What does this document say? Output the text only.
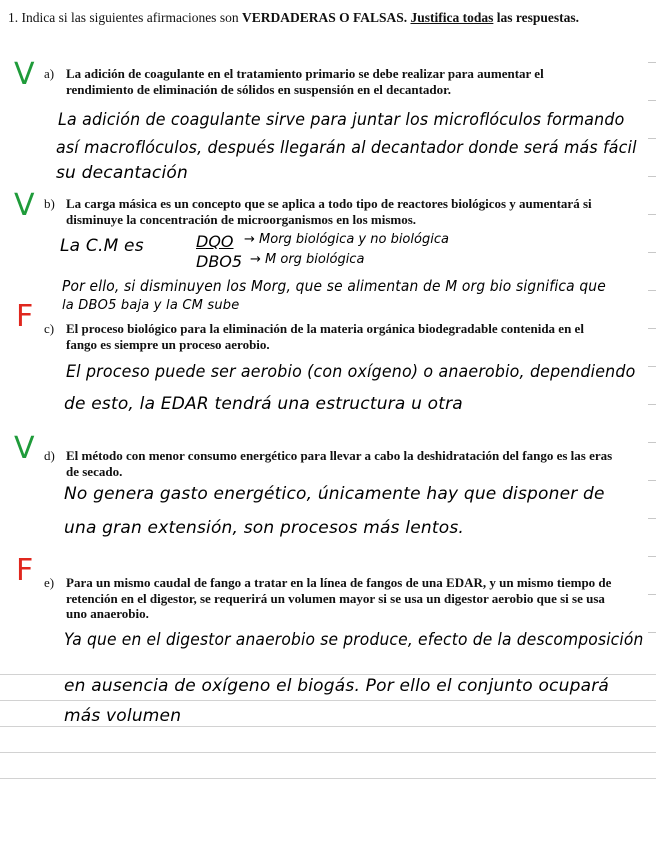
1. Indica si las siguientes afirmaciones son VERDADERAS O FALSAS. Justifica todas las respuestas.
V a) La adición de coagulante en el tratamiento primario se debe realizar para aumentar el rendimiento de eliminación de sólidos en suspensión en el decantador.
La adición de coagulante sirve para juntar los microflóculos formando
así macroflóculos, después llegarán al decantador donde será más fácil
su decantación
V b) La carga másica es un concepto que se aplica a todo tipo de reactores biológicos y aumentará si disminuye la concentración de microorganismos en los mismos.
La C.M es	DQO → Morg biológica y no biológica
DBO5 → M org biológica
Por ello, si disminuyen los Morg, que se alimentan de M org bio significa que
la DBO5 baja y la CM sube
F c) El proceso biológico para la eliminación de la materia orgánica biodegradable contenida en el fango es siempre un proceso aerobio.
El proceso puede ser aerobio (con oxígeno) o anaerobio, dependiendo
de esto, la EDAR tendrá una estructura u otra
V d) El método con menor consumo energético para llevar a cabo la deshidratación del fango es las eras de secado.
No genera gasto energético, únicamente hay que disponer de
una gran extensión, son procesos más lentos.
F e) Para un mismo caudal de fango a tratar en la línea de fangos de una EDAR, y un mismo tiempo de retención en el digestor, se requerirá un volumen mayor si se usa un digestor aerobio que si se usa uno anaerobio.
Ya que en el digestor anaerobio se produce, efecto de la descomposición
en ausencia de oxígeno el biogás. Por ello el conjunto ocupará
más volumen
